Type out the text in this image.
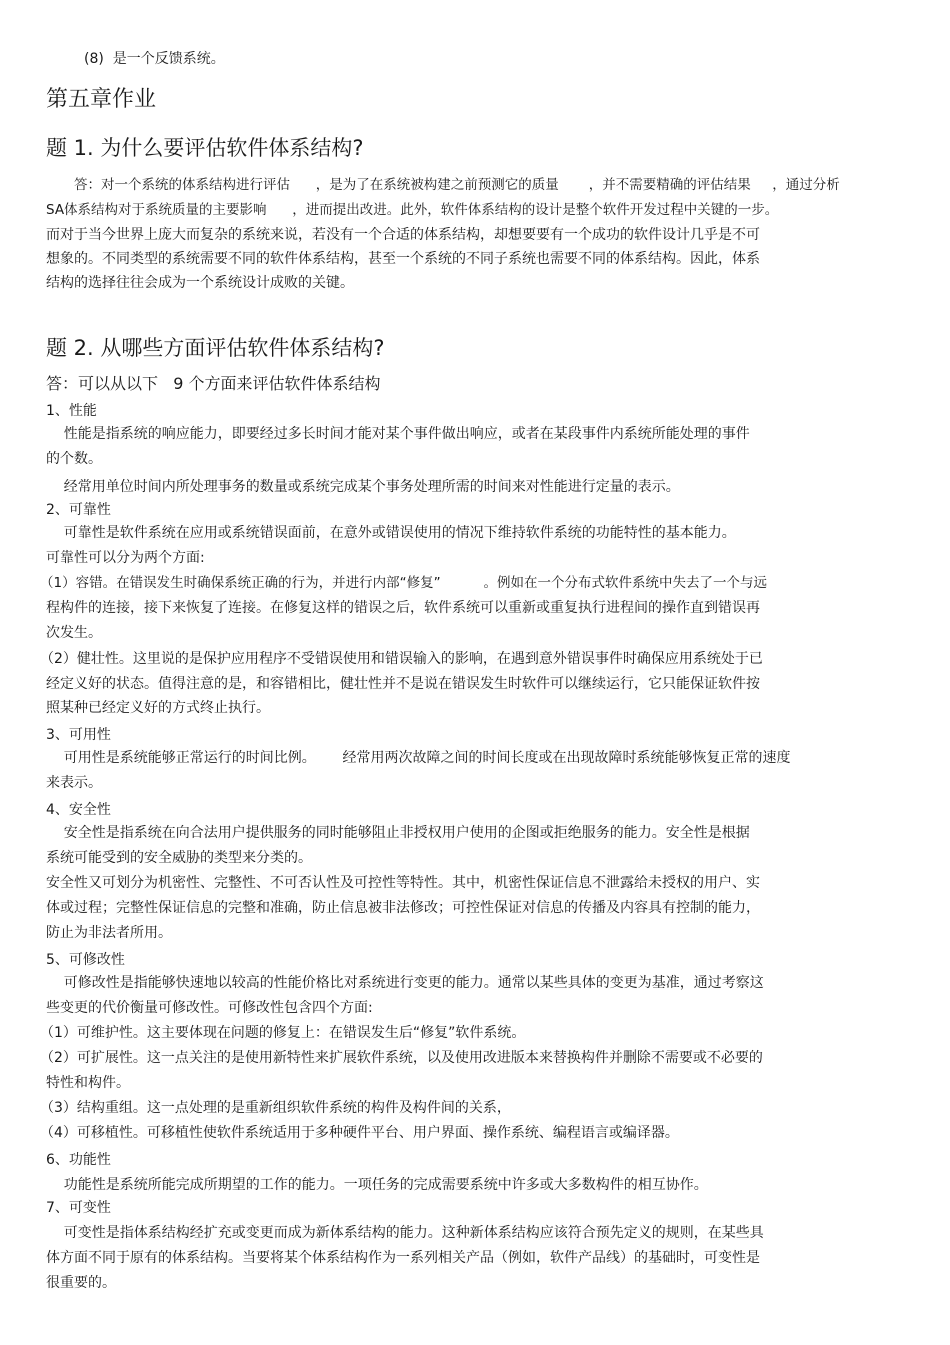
(8)  是一个反馈系统。
第五章作业
题 1. 为什么要评估软件体系结构?
答：对一个系统的体系结构进行评估      ，是为了在系统被构建之前预测它的质量       ，并不需要精确的评估结果     ，通过分析
SA体系结构对于系统质量的主要影响      ，进而提出改进。此外，软件体系结构的设计是整个软件开发过程中关键的一步。
而对于当今世界上庞大而复杂的系统来说，若没有一个合适的体系结构，却想要要有一个成功的软件设计几乎是不可
想象的。不同类型的系统需要不同的软件体系结构，甚至一个系统的不同子系统也需要不同的体系结构。因此，体系
结构的选择往往会成为一个系统设计成败的关键。
题 2. 从哪些方面评估软件体系结构?
答：可以从以下   9 个方面来评估软件体系结构
1、性能
性能是指系统的响应能力，即要经过多长时间才能对某个事件做出响应，或者在某段事件内系统所能处理的事件
的个数。
经常用单位时间内所处理事务的数量或系统完成某个事务处理所需的时间来对性能进行定量的表示。
2、可靠性
可靠性是软件系统在应用或系统错误面前，在意外或错误使用的情况下维持软件系统的功能特性的基本能力。
可靠性可以分为两个方面:
（1）容错。在错误发生时确保系统正确的行为，并进行内部“修复”          。例如在一个分布式软件系统中失去了一个与远
程构件的连接，接下来恢复了连接。在修复这样的错误之后，软件系统可以重新或重复执行进程间的操作直到错误再
次发生。
（2）健壮性。这里说的是保护应用程序不受错误使用和错误输入的影响，在遇到意外错误事件时确保应用系统处于已
经定义好的状态。值得注意的是，和容错相比，健壮性并不是说在错误发生时软件可以继续运行，它只能保证软件按
照某种已经定义好的方式终止执行。
3、可用性
可用性是系统能够正常运行的时间比例。      经常用两次故障之间的时间长度或在出现故障时系统能够恢复正常的速度
来表示。
4、安全性
安全性是指系统在向合法用户提供服务的同时能够阻止非授权用户使用的企图或拒绝服务的能力。安全性是根据
系统可能受到的安全威胁的类型来分类的。
安全性又可划分为机密性、完整性、不可否认性及可控性等特性。其中，机密性保证信息不泄露给未授权的用户、实
体或过程；完整性保证信息的完整和准确，防止信息被非法修改；可控性保证对信息的传播及内容具有控制的能力，
防止为非法者所用。
5、可修改性
可修改性是指能够快速地以较高的性能价格比对系统进行变更的能力。通常以某些具体的变更为基准，通过考察这
些变更的代价衡量可修改性。可修改性包含四个方面:
（1）可维护性。这主要体现在问题的修复上：在错误发生后“修复”软件系统。
（2）可扩展性。这一点关注的是使用新特性来扩展软件系统，以及使用改进版本来替换构件并删除不需要或不必要的
特性和构件。
（3）结构重组。这一点处理的是重新组织软件系统的构件及构件间的关系，
（4）可移植性。可移植性使软件系统适用于多种硬件平台、用户界面、操作系统、编程语言或编译器。
6、功能性
功能性是系统所能完成所期望的工作的能力。一项任务的完成需要系统中许多或大多数构件的相互协作。
7、可变性
可变性是指体系结构经扩充或变更而成为新体系结构的能力。这种新体系结构应该符合预先定义的规则，在某些具
体方面不同于原有的体系结构。当要将某个体系结构作为一系列相关产品（例如，软件产品线）的基础时，可变性是
很重要的。
